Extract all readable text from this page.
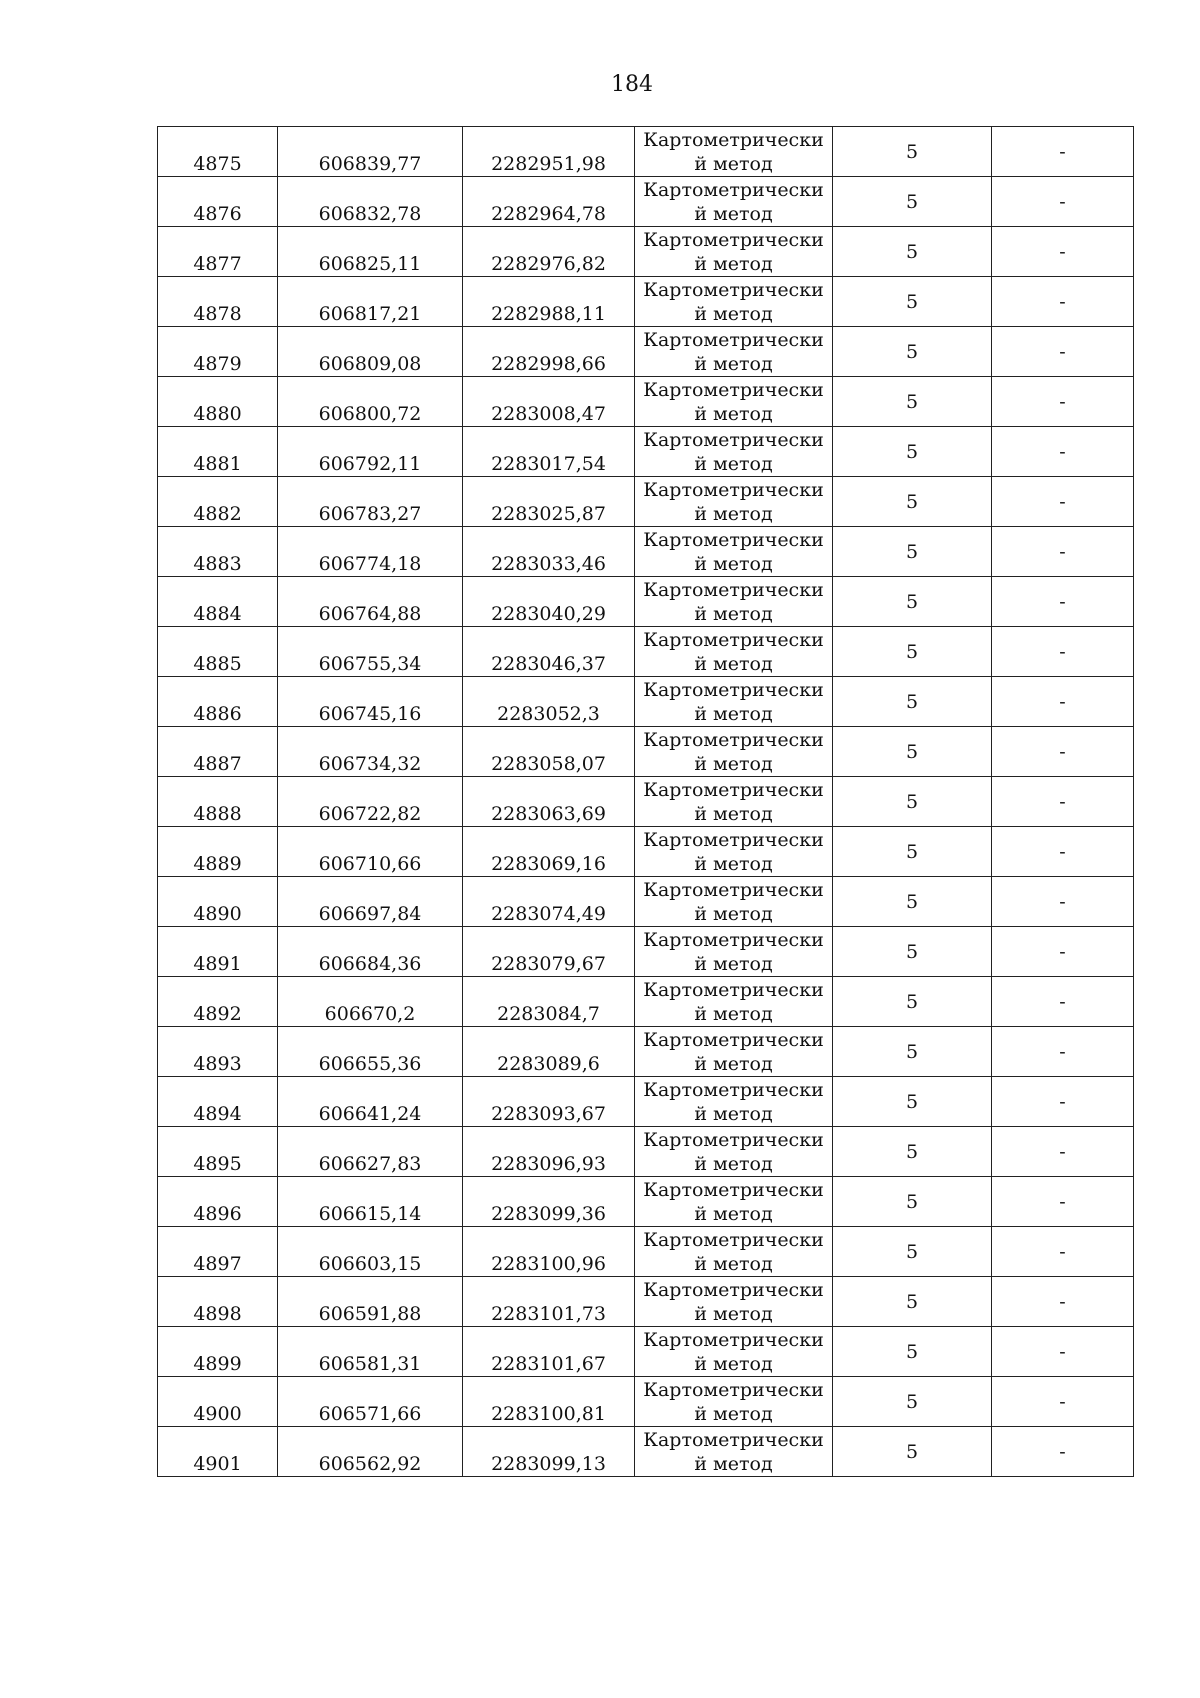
184
4875	606839,77	2282951,98	Картометрически й метод	5	-
4876	606832,78	2282964,78	Картометрически й метод	5	-
4877	606825,11	2282976,82	Картометрически й метод	5	-
4878	606817,21	2282988,11	Картометрически й метод	5	-
4879	606809,08	2282998,66	Картометрически й метод	5	-
4880	606800,72	2283008,47	Картометрически й метод	5	-
4881	606792,11	2283017,54	Картометрически й метод	5	-
4882	606783,27	2283025,87	Картометрически й метод	5	-
4883	606774,18	2283033,46	Картометрически й метод	5	-
4884	606764,88	2283040,29	Картометрически й метод	5	-
4885	606755,34	2283046,37	Картометрически й метод	5	-
4886	606745,16	2283052,3	Картометрически й метод	5	-
4887	606734,32	2283058,07	Картометрически й метод	5	-
4888	606722,82	2283063,69	Картометрически й метод	5	-
4889	606710,66	2283069,16	Картометрически й метод	5	-
4890	606697,84	2283074,49	Картометрически й метод	5	-
4891	606684,36	2283079,67	Картометрически й метод	5	-
4892	606670,2	2283084,7	Картометрически й метод	5	-
4893	606655,36	2283089,6	Картометрически й метод	5	-
4894	606641,24	2283093,67	Картометрически й метод	5	-
4895	606627,83	2283096,93	Картометрически й метод	5	-
4896	606615,14	2283099,36	Картометрически й метод	5	-
4897	606603,15	2283100,96	Картометрически й метод	5	-
4898	606591,88	2283101,73	Картометрически й метод	5	-
4899	606581,31	2283101,67	Картометрически й метод	5	-
4900	606571,66	2283100,81	Картометрически й метод	5	-
4901	606562,92	2283099,13	Картометрически й метод	5	-
